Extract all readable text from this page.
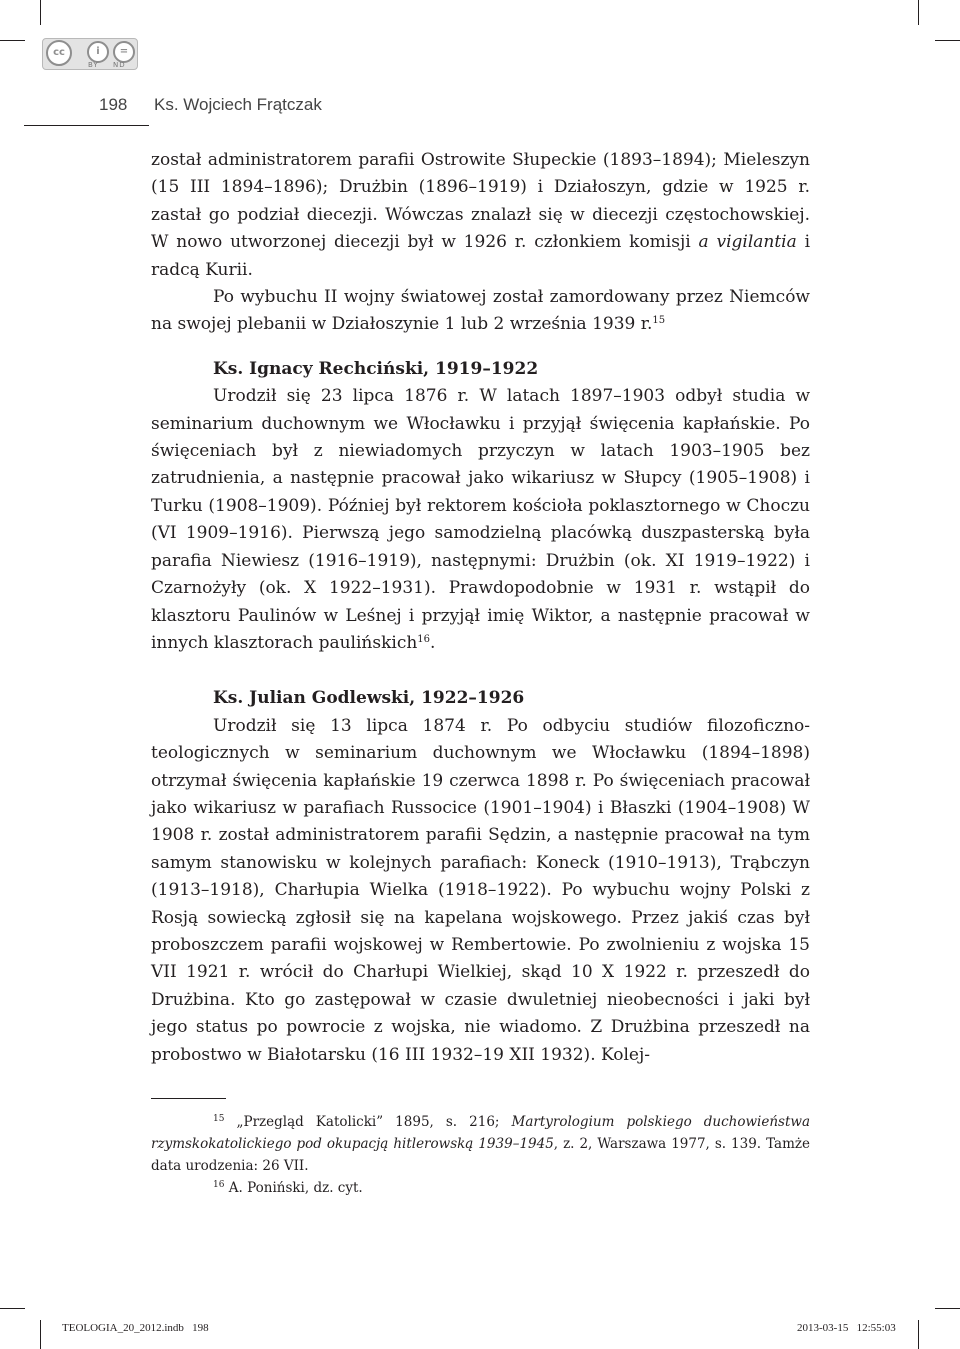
cc	i	=
BY ND
198 Ks. Wojciech Frątczak

został administratorem parafii Ostrowite Słupeckie (1893–1894); Mieleszyn (15 III 1894–1896); Drużbin (1896–1919) i Działoszyn, gdzie w 1925 r. zastał go podział diecezji. Wówczas znalazł się w diecezji częstochowskiej. W nowo utworzonej diecezji był w 1926 r. członkiem komisji a vigilantia i radcą Kurii.

Po wybuchu II wojny światowej został zamordowany przez Niemców na swojej plebanii w Działoszynie 1 lub 2 września 1939 r.$^{15}$

Ks. Ignacy Rechciński, 1919–1922

Urodził się 23 lipca 1876 r. W latach 1897–1903 odbył studia w seminarium duchownym we Włocławku i przyjął święcenia kapłańskie. Po święceniach był z niewiadomych przyczyn w latach 1903–1905 bez zatrudnienia, a następnie pracował jako wikariusz w Słupcy (1905–1908) i Turku (1908–1909). Później był rektorem kościoła poklasztornego w Choczu (VI 1909–1916). Pierwszą jego samodzielną placówką duszpasterską była parafia Niewiesz (1916–1919), następnymi: Drużbin (ok. XI 1919–1922) i Czarnożyły (ok. X 1922–1931). Prawdopodobnie w 1931 r. wstąpił do klasztoru Paulinów w Leśnej i przyjął imię Wiktor, a następnie pracował w innych klasztorach paulińskich$^{16}$.

Ks. Julian Godlewski, 1922–1926

Urodził się 13 lipca 1874 r. Po odbyciu studiów filozoficzno-teologicznych w seminarium duchownym we Włocławku (1894–1898) otrzymał święcenia kapłańskie 19 czerwca 1898 r. Po święceniach pracował jako wikariusz w parafiach Russocice (1901–1904) i Błaszki (1904–1908) W 1908 r. został administratorem parafii Sędzin, a następnie pracował na tym samym stanowisku w kolejnych parafiach: Koneck (1910–1913), Trąbczyn (1913–1918), Charłupia Wielka (1918–1922). Po wybuchu wojny Polski z Rosją sowiecką zgłosił się na kapelana wojskowego. Przez jakiś czas był proboszczem parafii wojskowej w Rembertowie. Po zwolnieniu z wojska 15 VII 1921 r. wrócił do Charłupi Wielkiej, skąd 10 X 1922 r. przeszedł do Drużbina. Kto go zastępował w czasie dwuletniej nieobecności i jaki był jego status po powrocie z wojska, nie wiadomo. Z Drużbina przeszedł na probostwo w Białotarsku (16 III 1932–19 XII 1932). Kolej-

$^{15}$ „Przegląd Katolicki” 1895, s. 216; Martyrologium polskiego duchowieństwa rzymskokatolickiego pod okupacją hitlerowską 1939–1945, z. 2, Warszawa 1977, s. 139. Tamże data urodzenia: 26 VII.

$^{16}$ A. Poniński, dz. cyt.

TEOLOGIA_20_2012.indb   198	2013-03-15   12:55:03
